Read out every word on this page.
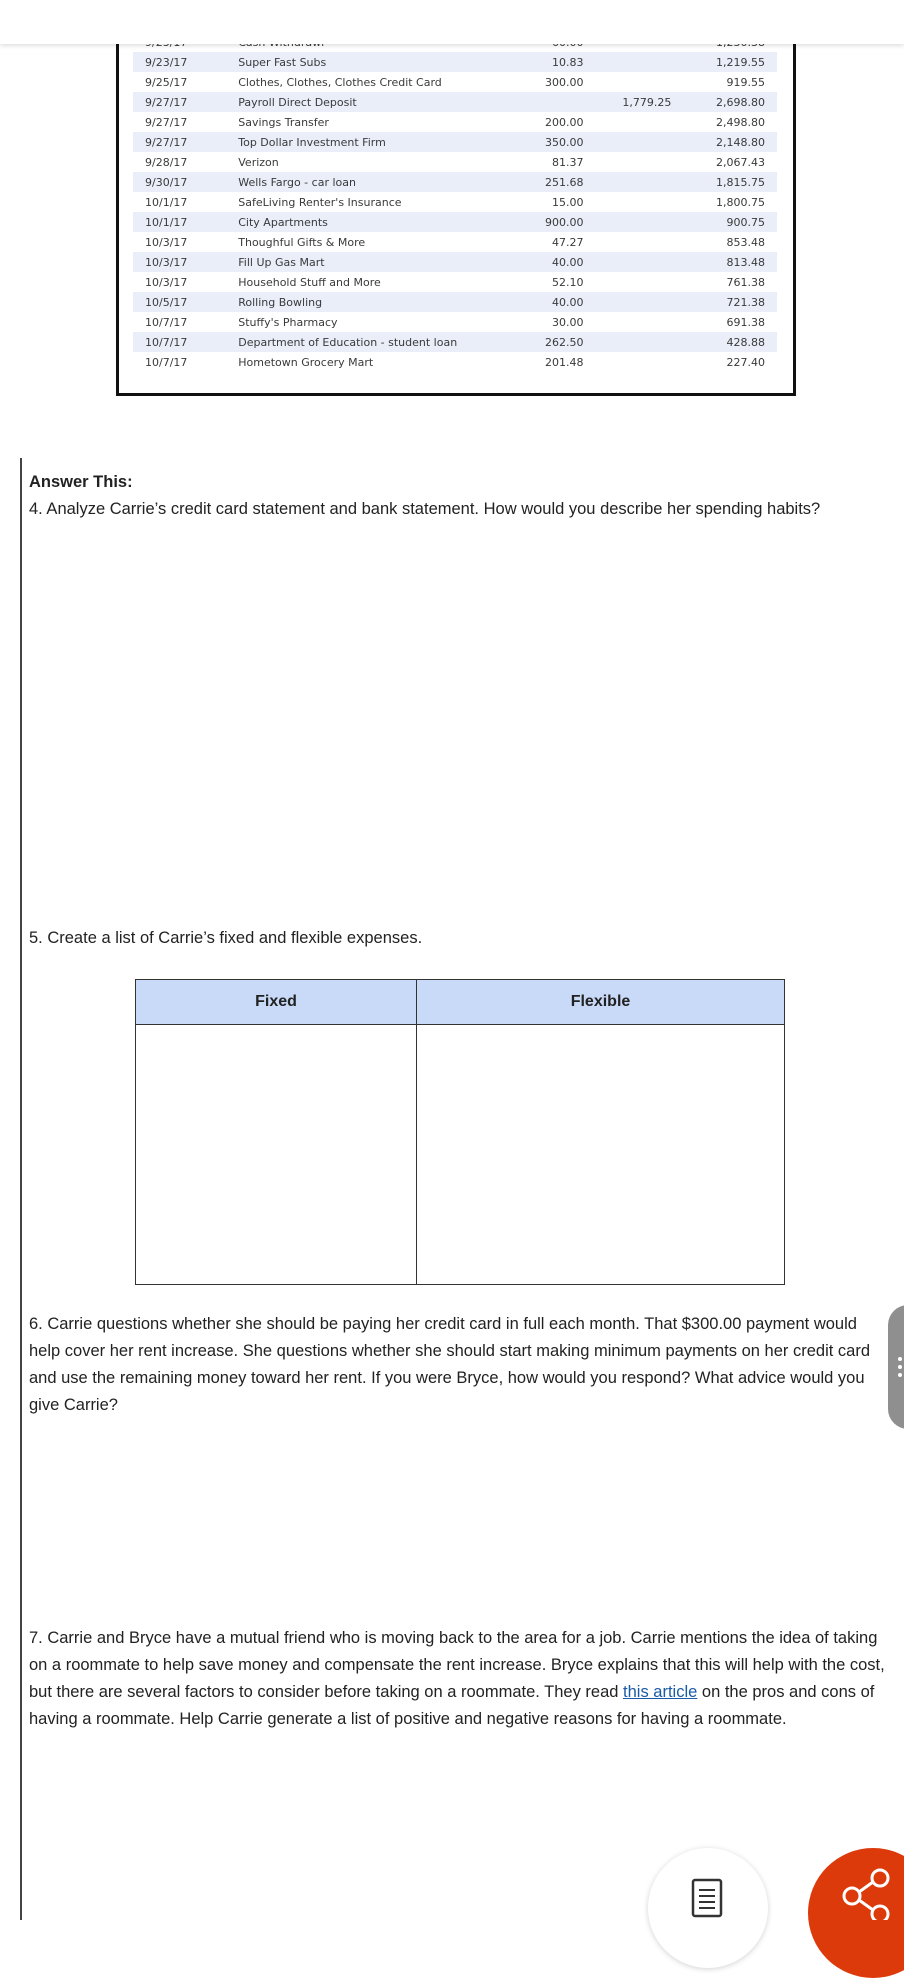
9/23/17	Super Fast Subs	10.83		1,219.55
9/25/17	Clothes, Clothes, Clothes Credit Card	300.00		919.55
9/27/17	Payroll Direct Deposit		1,779.25	2,698.80
9/27/17	Savings Transfer	200.00		2,498.80
9/27/17	Top Dollar Investment Firm	350.00		2,148.80
9/28/17	Verizon	81.37		2,067.43
9/30/17	Wells Fargo - car loan	251.68		1,815.75
10/1/17	SafeLiving Renter's Insurance	15.00		1,800.75
10/1/17	City Apartments	900.00		900.75
10/3/17	Thoughful Gifts & More	47.27		853.48
10/3/17	Fill Up Gas Mart	40.00		813.48
10/3/17	Household Stuff and More	52.10		761.38
10/5/17	Rolling Bowling	40.00		721.38
10/7/17	Stuffy's Pharmacy	30.00		691.38
10/7/17	Department of Education - student loan	262.50		428.88
10/7/17	Hometown Grocery Mart	201.48		227.40

Answer This:

4. Analyze Carrie’s credit card statement and bank statement. How would you describe her spending habits?

5. Create a list of Carrie’s fixed and flexible expenses.

Fixed	Flexible

6. Carrie questions whether she should be paying her credit card in full each month. That $300.00 payment would

help cover her rent increase. She questions whether she should start making minimum payments on her credit card

and use the remaining money toward her rent. If you were Bryce, how would you respond? What advice would you

give Carrie?

7. Carrie and Bryce have a mutual friend who is moving back to the area for a job. Carrie mentions the idea of taking

on a roommate to help save money and compensate the rent increase. Bryce explains that this will help with the cost,

but there are several factors to consider before taking on a roommate. They read this article on the pros and cons of

having a roommate. Help Carrie generate a list of positive and negative reasons for having a roommate.
